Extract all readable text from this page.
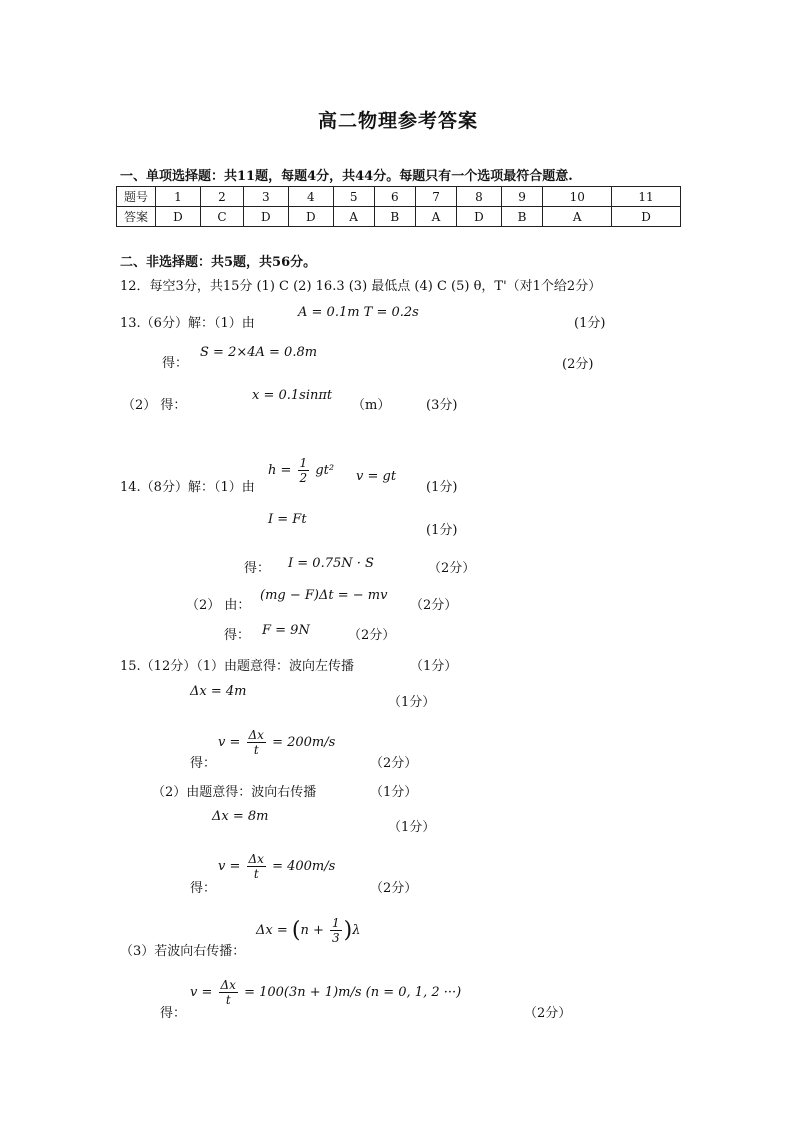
高二物理参考答案
一、单项选择题：共11题，每题4分，共44分。每题只有一个选项最符合题意.
题号	1	2	3	4	5	6	7	8	9	10	11
答案	D	C	D	D	A	B	A	D	B	A	D
二、非选择题：共5题，共56分。
12．每空3分，共15分 (1) C (2) 16.3 (3) 最低点 (4) C (5) θ，T'（对1个给2分）
13.（6分）解：（1）由
A = 0.1m T = 0.2s
(1分)
得：
S = 2×4A = 0.8m
(2分)
（2） 得：
x = 0.1sinπt
（m）	(3分)
14.（8分）解：（1）由
$h = \frac{1}{2} gt^2$ v = gt
(1分)
I = Ft
(1分)
得： I = 0.75N · S	（2分）
（2） 由：
(mg − F)Δt = − mv
（2分）
得： F = 9N	（2分）
15.（12分）（1）由题意得：波向左传播	（1分）
Δx = 4m
（1分）
得：
$v = \frac{\Delta x}{t} = 200m/s$
（2分）
（2）由题意得：波向右传播	（1分）
Δx = 8m
（1分）
得：
$v = \frac{\Delta x}{t} = 400m/s$
（2分）
（3）若波向右传播：
$\Delta x = (n + \frac{1}{3} )\lambda$
得：
$v = \frac{\Delta x}{t} = 100(3n + 1)m/s$ (n = 0, 1, 2 ···)
（2分）
